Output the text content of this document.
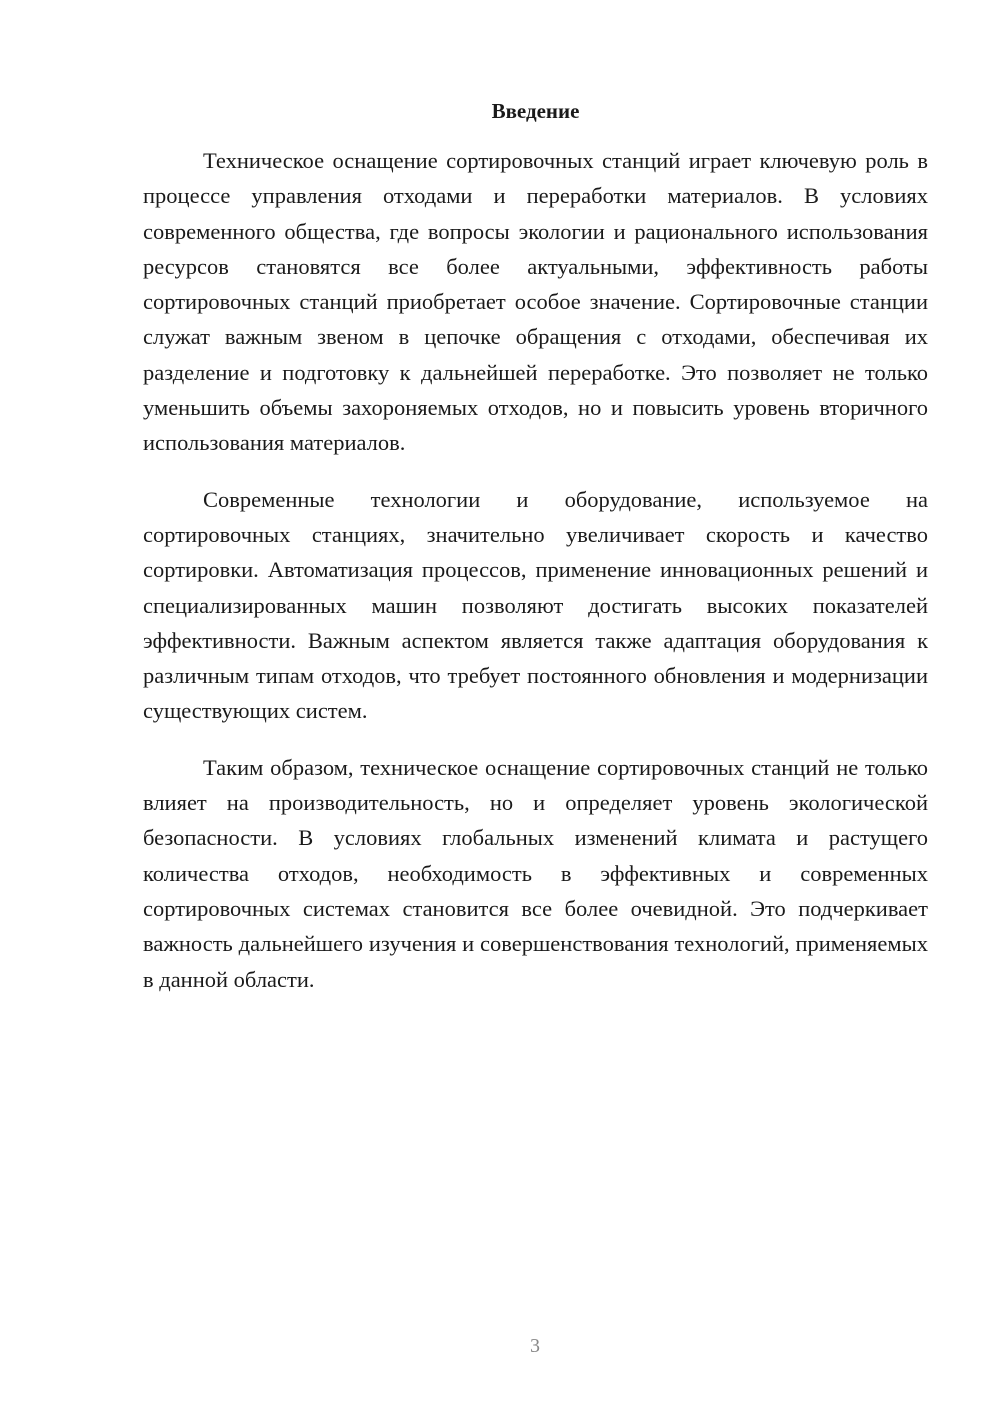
Введение

Техническое оснащение сортировочных станций играет ключевую роль в процессе управления отходами и переработки материалов. В условиях современного общества, где вопросы экологии и рационального использования ресурсов становятся все более актуальными, эффективность работы сортировочных станций приобретает особое значение. Сортировочные станции служат важным звеном в цепочке обращения с отходами, обеспечивая их разделение и подготовку к дальнейшей переработке. Это позволяет не только уменьшить объемы захороняемых отходов, но и повысить уровень вторичного использования материалов.

Современные технологии и оборудование, используемое на сортировочных станциях, значительно увеличивает скорость и качество сортировки. Автоматизация процессов, применение инновационных решений и специализированных машин позволяют достигать высоких показателей эффективности. Важным аспектом является также адаптация оборудования к различным типам отходов, что требует постоянного обновления и модернизации существующих систем.

Таким образом, техническое оснащение сортировочных станций не только влияет на производительность, но и определяет уровень экологической безопасности. В условиях глобальных изменений климата и растущего количества отходов, необходимость в эффективных и современных сортировочных системах становится все более очевидной. Это подчеркивает важность дальнейшего изучения и совершенствования технологий, применяемых в данной области.

3
